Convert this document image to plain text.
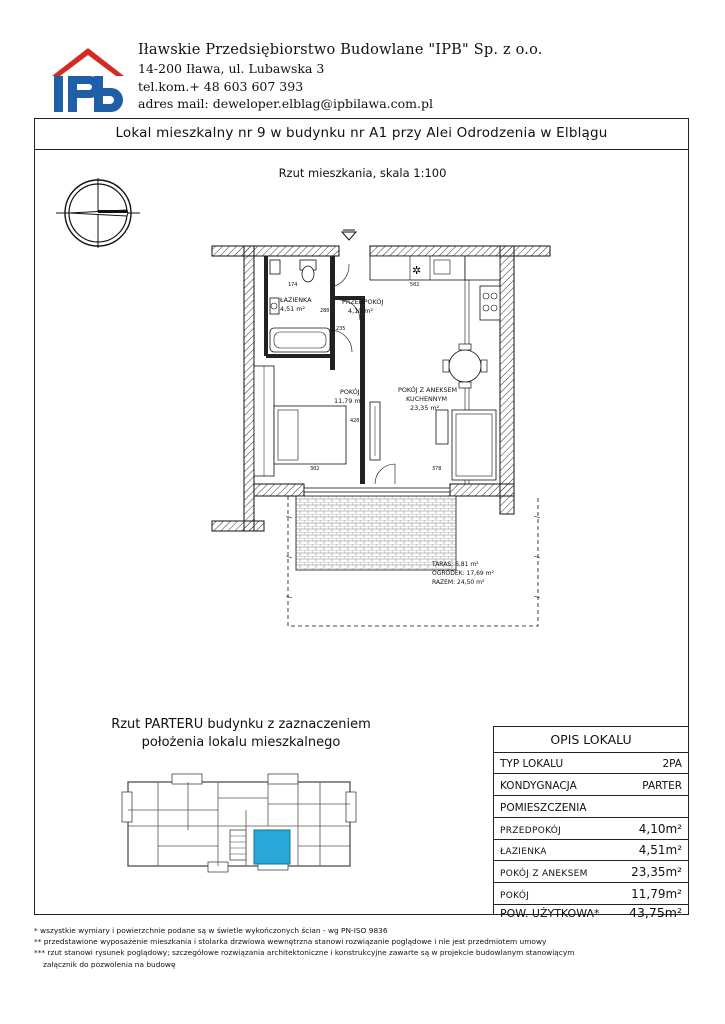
Iławskie Przedsiębiorstwo Budowlane "IPB" Sp. z o.o.
14-200 Iława, ul. Lubawska 3
tel.kom.+ 48 603 607 393
adres mail: deweloper.elblag@ipbilawa.com.pl
Lokal mieszkalny nr 9 w budynku nr A1 przy Alei Odrodzenia w Elblągu
Rzut mieszkania, skala 1:100
✲
ŁAZIENKA
4,51 m²
PRZEDPOKÓJ
4,10 m²
POKÓJ
11,79 m²
POKÓJ Z ANEKSEM
KUCHENNYM
23,35 m²
174	502
280
302	378
420
235
TARAS: 6,81 m²
OGRÓDEK: 17,69 m²
RAZEM: 24,50 m²
Rzut PARTERU budynku z zaznaczeniem
położenia lokalu mieszkalnego	OPIS LOKALU
TYP LOKALU	2PA
KONDYGNACJA	PARTER
POMIESZCZENIA
PRZEDPOKÓJ	4,10m²
ŁAZIENKA	4,51m²
POKÓJ Z ANEKSEM	23,35m²
POKÓJ	11,79m²
POW. UŻYTKOWA* 43,75m²
* wszystkie wymiary i powierzchnie podane są w świetle wykończonych ścian - wg PN-ISO 9836
** przedstawione wyposażenie mieszkania i stolarka drzwiowa wewnętrzna stanowi rozwiązanie poglądowe i nie jest przedmiotem umowy
*** rzut stanowi rysunek poglądowy; szczegółowe rozwiązania architektoniczne i konstrukcyjne zawarte są w projekcie budowlanym stanowiącym
załącznik do pozwolenia na budowę
